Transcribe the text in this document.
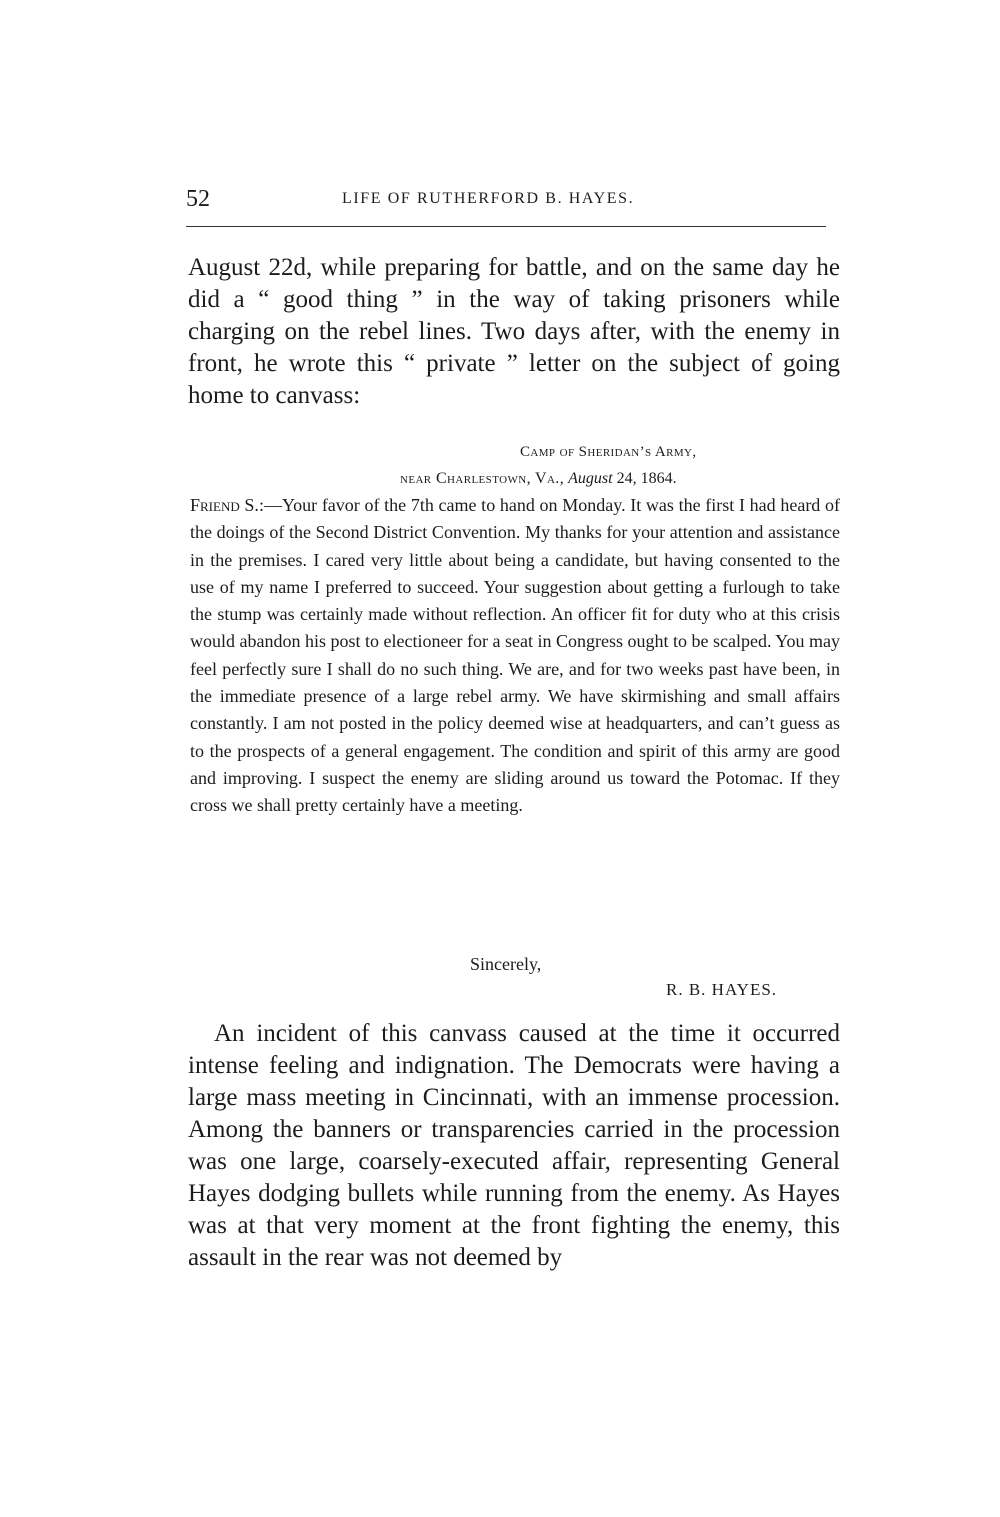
52	LIFE OF RUTHERFORD B. HAYES.

August 22d, while preparing for battle, and on the same day he did a “ good thing ” in the way of taking prisoners while charging on the rebel lines. Two days after, with the enemy in front, he wrote this “ private ” letter on the subject of going home to canvass:

Camp of Sheridan’s Army,
near Charlestown, Va., August 24, 1864.

Friend S.:—Your favor of the 7th came to hand on Monday. It was the first I had heard of the doings of the Second District Convention. My thanks for your attention and assistance in the premises. I cared very little about being a candidate, but having consented to the use of my name I preferred to succeed. Your suggestion about getting a furlough to take the stump was certainly made without reflection. An officer fit for duty who at this crisis would abandon his post to electioneer for a seat in Congress ought to be scalped. You may feel perfectly sure I shall do no such thing. We are, and for two weeks past have been, in the immediate presence of a large rebel army. We have skirmishing and small affairs constantly. I am not posted in the policy deemed wise at headquarters, and can’t guess as to the prospects of a general engagement. The condition and spirit of this army are good and improving. I suspect the enemy are sliding around us toward the Potomac. If they cross we shall pretty certainly have a meeting.

Sincerely,
R. B. HAYES.

An incident of this canvass caused at the time it occurred intense feeling and indignation. The Democrats were having a large mass meeting in Cincinnati, with an immense procession. Among the banners or transparencies carried in the procession was one large, coarsely-executed affair, representing General Hayes dodging bullets while running from the enemy. As Hayes was at that very moment at the front fighting the enemy, this assault in the rear was not deemed by
